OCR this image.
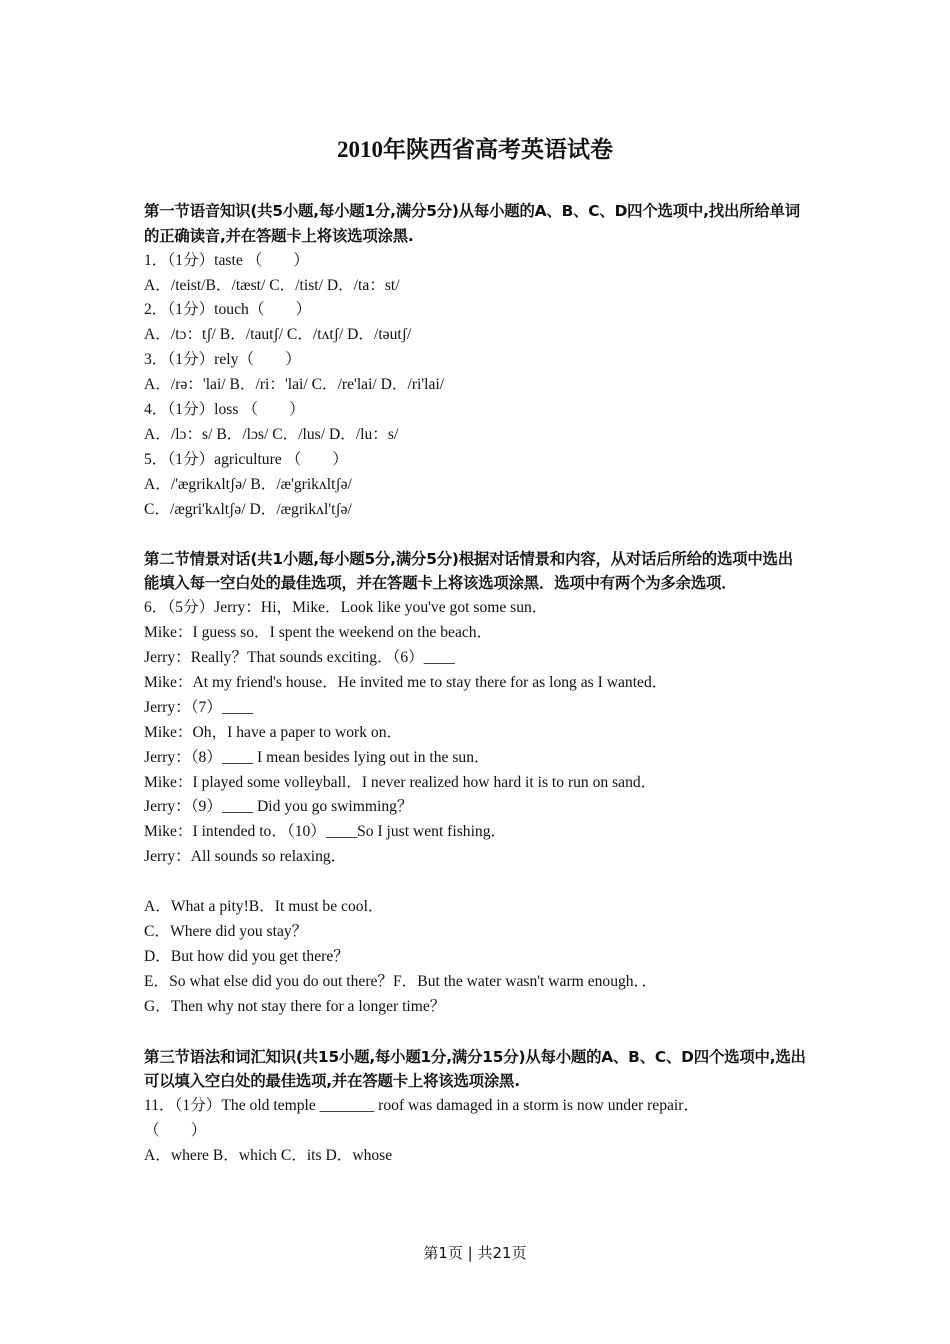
2010年陕西省高考英语试卷

第一节语音知识(共5小题,每小题1分,满分5分)从每小题的A、B、C、D四个选项中,找出所给单词的正确读音,并在答题卡上将该选项涂黑.

1．（1分）taste （　　）

A．/teist/B．/tæst/ C．/tist/ D．/ta：st/

2．（1分）touch（　　）

A．/tɔ：tʃ/ B．/tautʃ/ C．/tʌtʃ/ D．/təutʃ/

3．（1分）rely（　　）

A．/rə：'lai/ B．/ri：'lai/ C．/re'lai/ D．/ri'lai/

4．（1分）loss （　　）

A．/lɔ：s/ B．/lɔs/ C．/lus/ D．/lu：s/

5．（1分）agriculture （　　）

A．/'ægrikʌltʃə/ B．/æ'grikʌltʃə/

C．/ægri'kʌltʃə/ D．/ægrikʌl'tʃə/

第二节情景对话(共1小题,每小题5分,满分5分)根据对话情景和内容，从对话后所给的选项中选出能填入每一空白处的最佳选项，并在答题卡上将该选项涂黑．选项中有两个为多余选项．

6．（5分）Jerry：Hi，Mike．Look like you've got some sun．

Mike：I guess so．I spent the weekend on the beach．

Jerry：Really？That sounds exciting．（6）____

Mike：At my friend's house．He invited me to stay there for as long as I wanted．

Jerry：（7）____

Mike：Oh，I have a paper to work on．

Jerry：（8）____ I mean besides lying out in the sun．

Mike：I played some volleyball．I never realized how hard it is to run on sand．

Jerry：（9）____ Did you go swimming？

Mike：I intended to．（10）____So I just went fishing．

Jerry：All sounds so relaxing．

A．What a pity!B．It must be cool．

C．Where did you stay？

D．But how did you get there？

E．So what else did you do out there？F．But the water wasn't warm enough．．

G．Then why not stay there for a longer time？

第三节语法和词汇知识(共15小题,每小题1分,满分15分)从每小题的A、B、C、D四个选项中,选出可以填入空白处的最佳选项,并在答题卡上将该选项涂黑.

11．（1分）The old temple _______ roof was damaged in a storm is now under repair．

（　　）

A．where B．which C．its D．whose

第1页 | 共21页
